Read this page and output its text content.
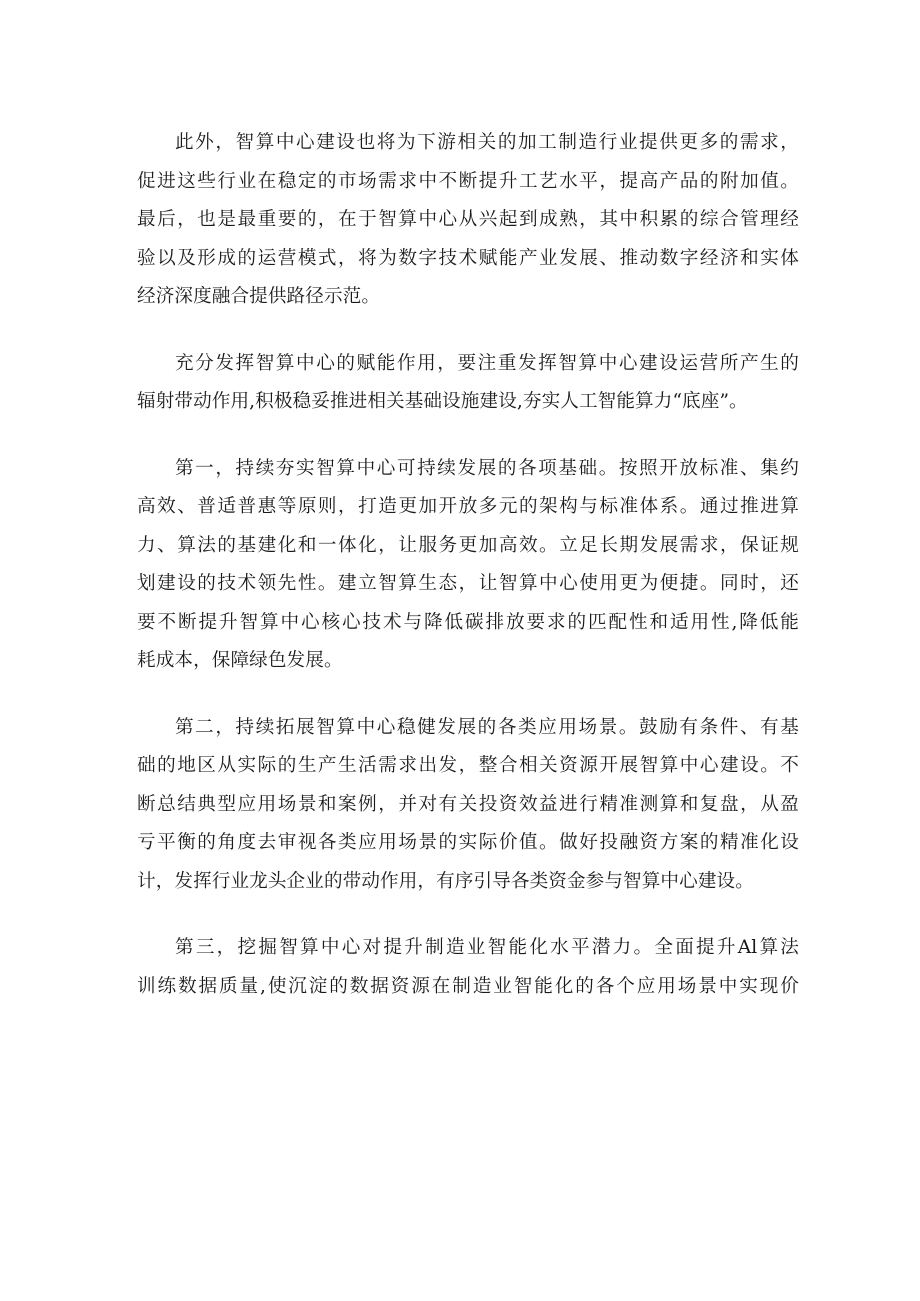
此外，智算中心建设也将为下游相关的加工制造行业提供更多的需求，
促进这些行业在稳定的市场需求中不断提升工艺水平，提高产品的附加值。
最后，也是最重要的，在于智算中心从兴起到成熟，其中积累的综合管理经
验以及形成的运营模式，将为数字技术赋能产业发展、推动数字经济和实体
经济深度融合提供路径示范。
充分发挥智算中心的赋能作用，要注重发挥智算中心建设运营所产生的
辐射带动作用,积极稳妥推进相关基础设施建设,夯实人工智能算力“底座”。
第一，持续夯实智算中心可持续发展的各项基础。按照开放标准、集约
高效、普适普惠等原则，打造更加开放多元的架构与标准体系。通过推进算
力、算法的基建化和一体化，让服务更加高效。立足长期发展需求，保证规
划建设的技术领先性。建立智算生态，让智算中心使用更为便捷。同时，还
要不断提升智算中心核心技术与降低碳排放要求的匹配性和适用性,降低能
耗成本，保障绿色发展。
第二，持续拓展智算中心稳健发展的各类应用场景。鼓励有条件、有基
础的地区从实际的生产生活需求出发，整合相关资源开展智算中心建设。不
断总结典型应用场景和案例，并对有关投资效益进行精准测算和复盘，从盈
亏平衡的角度去审视各类应用场景的实际价值。做好投融资方案的精准化设
计，发挥行业龙头企业的带动作用，有序引导各类资金参与智算中心建设。
第三，挖掘智算中心对提升制造业智能化水平潜力。全面提升Al算法
训练数据质量,使沉淀的数据资源在制造业智能化的各个应用场景中实现价
